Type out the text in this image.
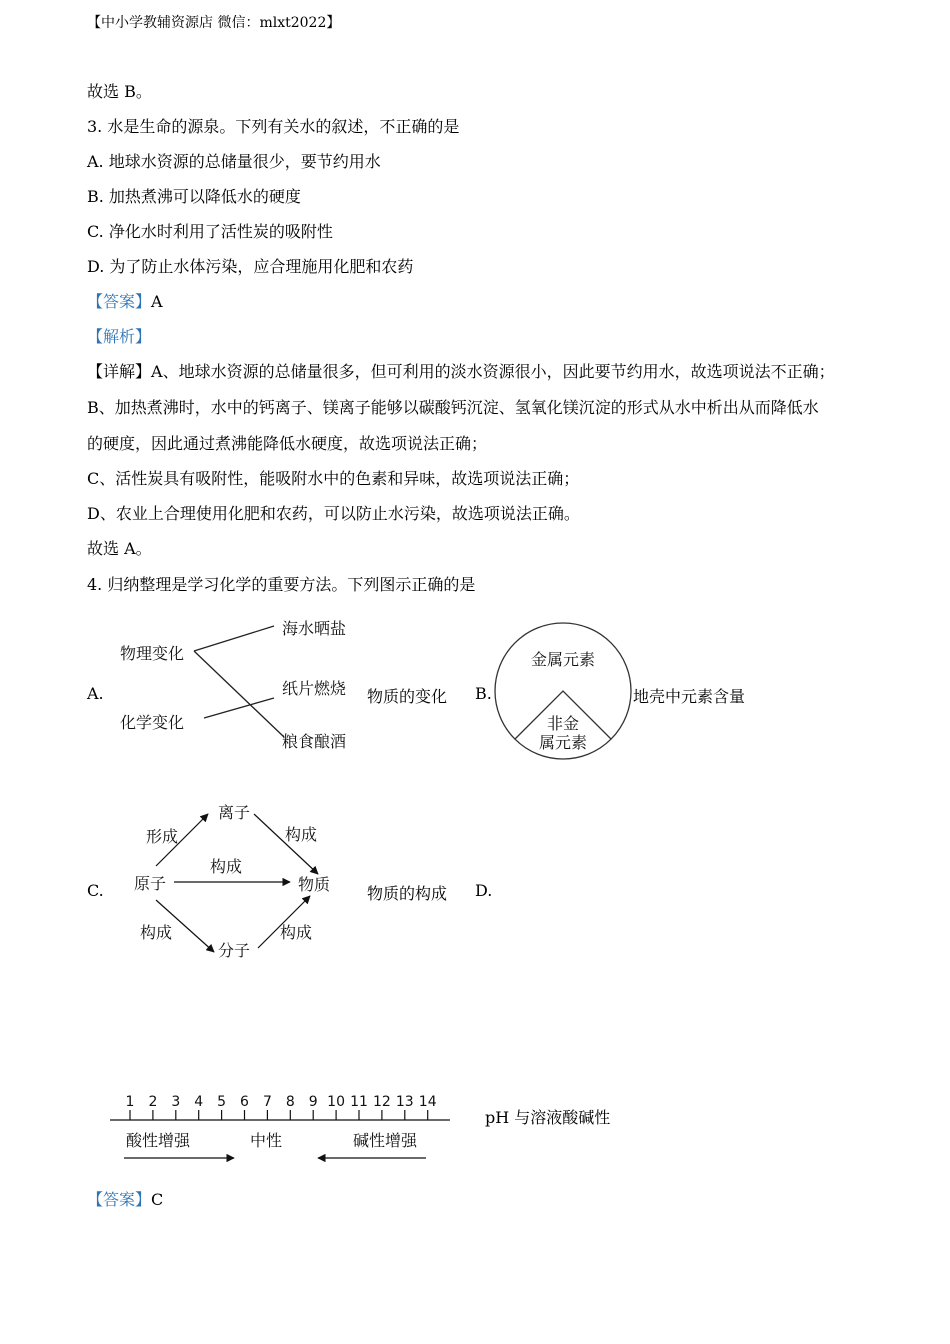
【中小学教辅资源店 微信：mlxt2022】
故选 B。
3. 水是生命的源泉。下列有关水的叙述，不正确的是
A. 地球水资源的总储量很少，要节约用水
B. 加热煮沸可以降低水的硬度
C. 净化水时利用了活性炭的吸附性
D. 为了防止水体污染，应合理施用化肥和农药
【答案】A
【解析】
【详解】A、地球水资源的总储量很多，但可利用的淡水资源很小，因此要节约用水，故选项说法不正确；
B、加热煮沸时，水中的钙离子、镁离子能够以碳酸钙沉淀、氢氧化镁沉淀的形式从水中析出从而降低水
的硬度，因此通过煮沸能降低水硬度，故选项说法正确；
C、活性炭具有吸附性，能吸附水中的色素和异味，故选项说法正确；
D、农业上合理使用化肥和农药，可以防止水污染，故选项说法正确。
故选 A。
4. 归纳整理是学习化学的重要方法。下列图示正确的是
A.
物理变化
化学变化
海水晒盐
纸片燃烧
粮食酿酒
物质的变化 B.
金属元素
非金
属元素
地壳中元素含量
C.
离子
原子	物质
分子
形成	构成
构成
构成	构成
物质的构成 D.
1 2 3 4 5 6 7 8 9 10 11 12 13 14
酸性增强	中性	碱性增强
pH 与溶液酸碱性
【答案】C
